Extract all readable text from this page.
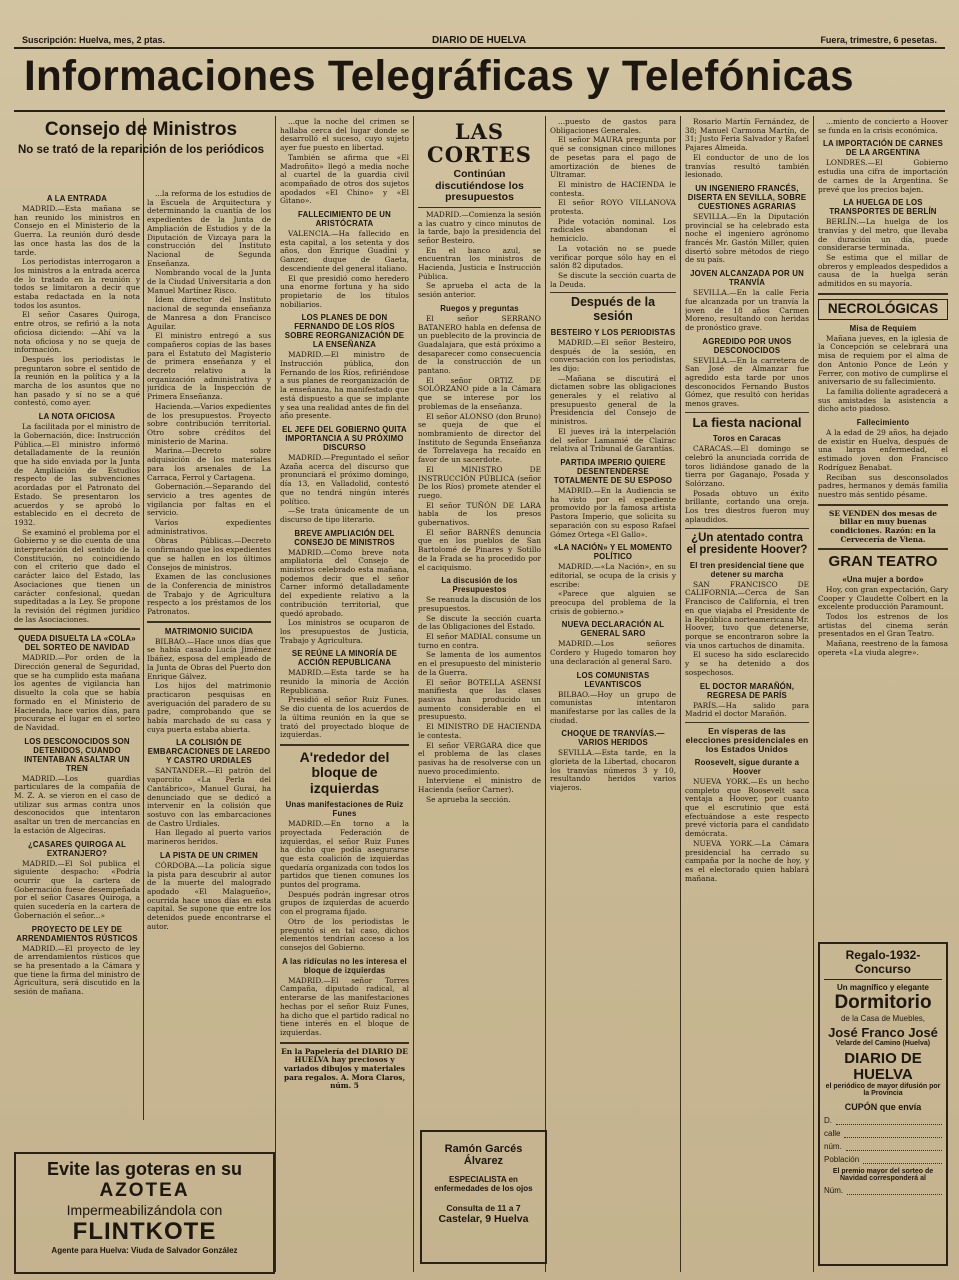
Suscripción: Huelva, mes, 2 ptas.	DIARIO DE HUELVA	Fuera, trimestre, 6 pesetas.
Informaciones Telegráficas y Telefónicas
Consejo de Ministros
No se trató de la reparición de los periódicos
A LA ENTRADA

MADRID.—Esta mañana se han reunido los ministros en Consejo en el Ministerio de la Guerra. La reunión duró desde las once hasta las dos de la tarde.

Los periodistas interrogaron a los ministros a la entrada acerca de lo tratado en la reunión y todos se limitaron a decir que estaba redactada en la nota todos los asuntos.

El señor Casares Quiroga, entre otros, se refirió a la nota oficiosa diciendo: —Ahí va la nota oficiosa y no se queja de información.

Después los periodistas le preguntaron sobre el sentido de la reunión en la política y a la marcha de los asuntos que no han pasado y sí no se a qué contestó, como ayer.

LA NOTA OFICIOSA

La facilitada por el ministro de la Gobernación, dice: Instrucción Pública.—El ministro informó detalladamente de la reunión que ha sido enviada por la Junta de Ampliación de Estudios respecto de las subvenciones acordadas por el Patronato del Estado. Se presentaron los acuerdos y se aprobó lo establecido en el decreto de 1932.

Se examinó el problema por el Gobierno y se dio cuenta de una interpretación del sentido de la Constitución, no coincidiendo con el criterio que dado el carácter laico del Estado, las Asociaciones que tienen un carácter confesional, quedan supeditadas a la Ley. Se propone la revisión del régimen jurídico de las Asociaciones.

QUEDA DISUELTA LA «COLA» DEL SORTEO DE NAVIDAD

MADRID.—Por orden de la Dirección general de Seguridad, que se ha cumplido esta mañana los agentes de vigilancia han disuelto la cola que se había formado en el Ministerio de Hacienda, hace varios días, para procurarse el lugar en el sorteo de Navidad.

LOS DESCONOCIDOS SON DETENIDOS, CUANDO INTENTABAN ASALTAR UN TREN

MADRID.—Los guardias particulares de la compañía de M. Z. A. se vieron en el caso de utilizar sus armas contra unos desconocidos que intentaron asaltar un tren de mercancías en la estación de Algeciras.

¿CASARES QUIROGA AL EXTRANJERO?

MADRID.—El Sol publica el siguiente despacho: «Podría ocurrir que la cartera de Gobernación fuese desempeñada por el señor Casares Quiroga, a quien sucedería en la cartera de Gobernación el señor...»

PROYECTO DE LEY DE ARRENDAMIENTOS RÚSTICOS

MADRID.—El proyecto de ley de arrendamientos rústicos que se ha presentado a la Cámara y que tiene la firma del ministro de Agricultura, será discutido en la sesión de mañana.

...la reforma de los estudios de la Escuela de Arquitectura y determinando la cuantía de los expedientes de la Junta de Ampliación de Estudios y de la Diputación de Vizcaya para la construcción del Instituto Nacional de Segunda Enseñanza.

Nombrando vocal de la Junta de la Ciudad Universitaria a don Manuel Martínez Risco.

Ídem director del Instituto nacional de segunda enseñanza de Manresa a don Francisco Aguilar.

El ministro entregó a sus compañeros copias de las bases para el Estatuto del Magisterio de primera enseñanza y el decreto relativo a la organización administrativa y jurídica de la Inspección de Primera Enseñanza.

Hacienda.—Varios expedientes de los presupuestos. Proyecto sobre contribución territorial. Otro sobre créditos del ministerio de Marina.

Marina.—Decreto sobre adquisición de los materiales para los arsenales de La Carraca, Ferrol y Cartagena.

Gobernación.—Separando del servicio a tres agentes de vigilancia por faltas en el servicio.

Varios expedientes administrativos.

Obras Públicas.—Decreto confirmando que los expedientes que se hallen en los últimos Consejos de ministros.

Examen de las conclusiones de la Conferencia de ministros de Trabajo y de Agricultura respecto a los préstamos de los Patronatos.

MATRIMONIO SUICIDA

BILBAO.—Hace unos días que se había casado Lucía Jiménez Ibáñez, esposa del empleado de la Junta de Obras del Puerto don Enrique Gálvez.

Los hijos del matrimonio practicaron pesquisas en averiguación del paradero de su padre, comprobando que se había marchado de su casa y cuya puerta estaba abierta.

LA COLISIÓN DE EMBARCACIONES DE LAREDO Y CASTRO URDIALES

SANTANDER.—El patrón del vaporcito «La Perla del Cantábrico», Manuel Gurai, ha denunciado que se dedicó a intervenir en la colisión que sostuvo con las embarcaciones de Castro Urdiales.

Han llegado al puerto varios marineros heridos.

LA PISTA DE UN CRIMEN

CÓRDOBA.—La policía sigue la pista para descubrir al autor de la muerte del malogrado apodado «El Malagueño», ocurrida hace unos días en esta capital. Se supone que entre los detenidos puede encontrarse el autor.

Evite las goteras en su
AZOTEA
Impermeabilizándola con
FLINTKOTE
Agente para Huelva: Viuda de Salvador González

...que la noche del crimen se hallaba cerca del lugar donde se desarrolló el suceso, cuyo sujeto ayer fue puesto en libertad.

También se afirma que «El Madroñito» llegó a media noche al cuartel de la guardia civil acompañado de otros dos sujetos apodados «El Chino» y «El Gitano».

FALLECIMIENTO DE UN ARISTÓCRATA

VALENCIA.—Ha fallecido en esta capital, a los setenta y dos años, don Enrique Guadini y Ganzer, duque de Gaeta, descendiente del general italiano.

El que presidió como heredero una enorme fortuna y ha sido propietario de los títulos nobiliarios.

LOS PLANES DE DON FERNANDO DE LOS RÍOS SOBRE REORGANIZACIÓN DE LA ENSEÑANZA

MADRID.—El ministro de Instrucción pública, don Fernando de los Ríos, refiriéndose a sus planes de reorganización de la enseñanza, ha manifestado que está dispuesto a que se implante y sea una realidad antes de fin del año presente.

EL JEFE DEL GOBIERNO QUITA IMPORTANCIA A SU PRÓXIMO DISCURSO

MADRID.—Preguntado el señor Azaña acerca del discurso que pronunciará el próximo domingo, día 13, en Valladolid, contestó que no tendrá ningún interés político.

—Se trata únicamente de un discurso de tipo literario.

BREVE AMPLIACIÓN DEL CONSEJO DE MINISTROS

MADRID.—Como breve nota ampliatoria del Consejo de ministros celebrado esta mañana, podemos decir que el señor Carner informó detalladamente del expediente relativo a la contribución territorial, que quedó aprobado.

Los ministros se ocuparon de los presupuestos de Justicia, Trabajo y Agricultura.

SE REÚNE LA MINORÍA DE ACCIÓN REPUBLICANA

MADRID.—Esta tarde se ha reunido la minoría de Acción Republicana.

Presidió el señor Ruiz Funes. Se dio cuenta de los acuerdos de la última reunión en la que se trató del proyectado bloque de izquierdas.

A'rededor del bloque de izquierdas
Unas manifestaciones de Ruiz Funes

MADRID.—En torno a la proyectada Federación de izquierdas, el señor Ruiz Funes ha dicho que podía asegurarse que esta coalición de izquierdas quedaría organizada con todos los partidos que tienen comunes los puntos del programa.

Después podrán ingresar otros grupos de izquierdas de acuerdo con el programa fijado.

Otro de los periodistas le preguntó si en tal caso, dichos elementos tendrían acceso a los consejos del Gobierno.

A las ridículas no les interesa el bloque de izquierdas

MADRID.—El señor Torres Campaña, diputado radical, al enterarse de las manifestaciones hechas por el señor Ruiz Funes, ha dicho que el partido radical no tiene interés en el bloque de izquierdas.

En la Papelería del DIARIO DE HUELVA hay preciosos y variados dibujos y materiales para regalos. A. Mora Claros, núm. 5

LAS CORTES
Continúan discutiéndose los presupuestos

MADRID.—Comienza la sesión a las cuatro y cinco minutos de la tarde, bajo la presidencia del señor Besteiro.

En el banco azul, se encuentran los ministros de Hacienda, Justicia e Instrucción Pública.

Se aprueba el acta de la sesión anterior.

Ruegos y preguntas

El señor SERRANO BATANERO habla en defensa de un pueblecito de la provincia de Guadalajara, que está próximo a desaparecer como consecuencia de la construcción de un pantano.

El señor ORTIZ DE SOLÓRZANO pide a la Cámara que se interese por los problemas de la enseñanza.

El señor ALONSO (don Bruno) se queja de que el nombramiento de director del Instituto de Segunda Enseñanza de Torrelavega ha recaído en favor de un sacerdote.

El MINISTRO DE INSTRUCCIÓN PÚBLICA (señor De los Ríos) promete atender el ruego.

El señor TUÑÓN DE LARA habla de los presos gubernativos.

El señor BARNÉS denuncia que en los pueblos de San Bartolomé de Pinares y Sotillo de la Frada se ha procedido por el caciquismo.

La discusión de los Presupuestos

Se reanuda la discusión de los presupuestos.

Se discute la sección cuarta de las Obligaciones del Estado.

El señor MADIAL consume un turno en contra.

Se lamenta de los aumentos en el presupuesto del ministerio de la Guerra.

El señor BOTELLA ASENSI manifiesta que las clases pasivas han producido un aumento considerable en el presupuesto.

El MINISTRO DE HACIENDA le contesta.

El señor VERGARA dice que el problema de las clases pasivas ha de resolverse con un nuevo procedimiento.

Interviene el ministro de Hacienda (señor Carner).

Se aprueba la sección.

Ramón Garcés Álvarez
ESPECIALISTA en enfermedades de los ojos
Consulta de 11 a 7
Castelar, 9 Huelva

...puesto de gastos para Obligaciones Generales.

El señor MAURA pregunta por qué se consignan cinco millones de pesetas para el pago de amortización de bienes de Ultramar.

El ministro de HACIENDA le contesta.

El señor ROYO VILLANOVA protesta.

Pide votación nominal. Los radicales abandonan el hemiciclo.

La votación no se puede verificar porque sólo hay en el salón 82 diputados.

Se discute la sección cuarta de la Deuda.

Después de la sesión
BESTEIRO Y LOS PERIODISTAS

MADRID.—El señor Besteiro, después de la sesión, en conversación con los periodistas, les dijo:

—Mañana se discutirá el dictamen sobre las obligaciones generales y el relativo al presupuesto general de la Presidencia del Consejo de ministros.

El jueves irá la interpelación del señor Lamamié de Clairac relativa al Tribunal de Garantías.

PARTIDA IMPERIO QUIERE DESENTENDERSE TOTALMENTE DE SU ESPOSO

MADRID.—En la Audiencia se ha visto por el expediente promovido por la famosa artista Pastora Imperio, que solicita su separación con su esposo Rafael Gómez Ortega «El Gallo».

«LA NACIÓN» Y EL MOMENTO POLÍTICO

MADRID.—«La Nación», en su editorial, se ocupa de la crisis y escribe:

«Parece que alguien se preocupa del problema de la crisis de gobierno.»

NUEVA DECLARACIÓN AL GENERAL SARO

MADRID.—Los señores Cordero y Hugedo tomaron hoy una declaración al general Saro.

LOS COMUNISTAS LEVANTISCOS

BILBAO.—Hoy un grupo de comunistas intentaron manifestarse por las calles de la ciudad.

CHOQUE DE TRANVÍAS.—VARIOS HERIDOS

SEVILLA.—Esta tarde, en la glorieta de la Libertad, chocaron los tranvías números 3 y 10, resultando heridos varios viajeros.

Rosario Martín Fernández, de 38; Manuel Carmona Martín, de 31; Justo Feria Salvador y Rafael Pajares Almeida.

El conductor de uno de los tranvías resultó también lesionado.

UN INGENIERO FRANCÉS, DISERTA EN SEVILLA, SOBRE CUESTIONES AGRARIAS

SEVILLA.—En la Diputación provincial se ha celebrado esta noche el ingeniero agrónomo francés Mr. Gastón Miller, quien disertó sobre métodos de riego de su país.

JOVEN ALCANZADA POR UN TRANVÍA

SEVILLA.—En la calle Feria fue alcanzada por un tranvía la joven de 18 años Carmen Moreno, resultando con heridas de pronóstico grave.

AGREDIDO POR UNOS DESCONOCIDOS

SEVILLA.—En la carretera de San José de Almanzar fue agredido esta tarde por unos desconocidos Fernando Bustos Gómez, que resultó con heridas menos graves.

La fiesta nacional
Toros en Caracas

CARACAS.—El domingo se celebró la anunciada corrida de toros lidiándose ganado de la tierra por Gaganajo, Posada y Solórzano.

Posada obtuvo un éxito brillante, cortando una oreja. Los tres diestros fueron muy aplaudidos.

¿Un atentado contra el presidente Hoover?
El tren presidencial tiene que detener su marcha

SAN FRANCISCO DE CALIFORNIA.—Cerca de San Francisco de California, el tren en que viajaba el Presidente de la República norteamericana Mr. Hoover, tuvo que detenerse, porque se encontraron sobre la vía unos cartuchos de dinamita.

El suceso ha sido esclarecido y se ha detenido a dos sospechosos.

EL DOCTOR MARAÑÓN, REGRESA DE PARÍS

PARÍS.—Ha salido para Madrid el doctor Marañón.

En vísperas de las elecciones presidenciales en los Estados Unidos
Roosevelt, sigue durante a Hoover

NUEVA YORK.—Es un hecho completo que Roosevelt saca ventaja a Hoover, por cuanto que el escrutinio que está efectuándose a este respecto prevé victoria para el candidato demócrata.

NUEVA YORK.—La Cámara presidencial ha cerrado su campaña por la noche de hoy, y es el electorado quien hablará mañana.

...miento de concierto a Hoover se funda en la crisis económica.

LA IMPORTACIÓN DE CARNES DE LA ARGENTINA

LONDRES.—El Gobierno estudia una cifra de importación de carnes de la Argentina. Se prevé que los precios bajen.

LA HUELGA DE LOS TRANSPORTES DE BERLÍN

BERLÍN.—La huelga de los tranvías y del metro, que llevaba de duración un día, puede considerarse terminada.

Se estima que el millar de obreros y empleados despedidos a causa de la huelga serán admitidos en su mayoría.

NECROLÓGICAS
Misa de Requiem

Mañana jueves, en la iglesia de la Concepción se celebrará una misa de requiem por el alma de don Antonio Ponce de León y Ferrer, con motivo de cumplirse el aniversario de su fallecimiento.

La familia doliente agradecerá a sus amistades la asistencia a dicho acto piadoso.

Fallecimiento

A la edad de 29 años, ha dejado de existir en Huelva, después de una larga enfermedad, el estimado joven don Francisco Rodríguez Benabat.

Reciban sus desconsolados padres, hermanos y demás familia nuestro más sentido pésame.

SE VENDEN dos mesas de billar en muy buenas condiciones. Razón: en la Cervecería de Viena.

GRAN TEATRO
«Una mujer a bordo»

Hoy, con gran expectación, Gary Cooper y Claudette Colbert en la excelente producción Paramount.

Todos los estrenos de los artistas del cinema serán presentados en el Gran Teatro.

Mañana, reestreno de la famosa opereta «La viuda alegre».

Regalo-1932-Concurso
Un magnífico y elegante
Dormitorio
de la Casa de Muebles,
José Franco José
Velarde del Camino (Huelva)
DIARIO DE HUELVA
el periódico de mayor difusión por la Provincia
CUPÓN que envía
D.
calle
núm.
Población
El premio mayor del sorteo de Navidad corresponderá al
Núm.
